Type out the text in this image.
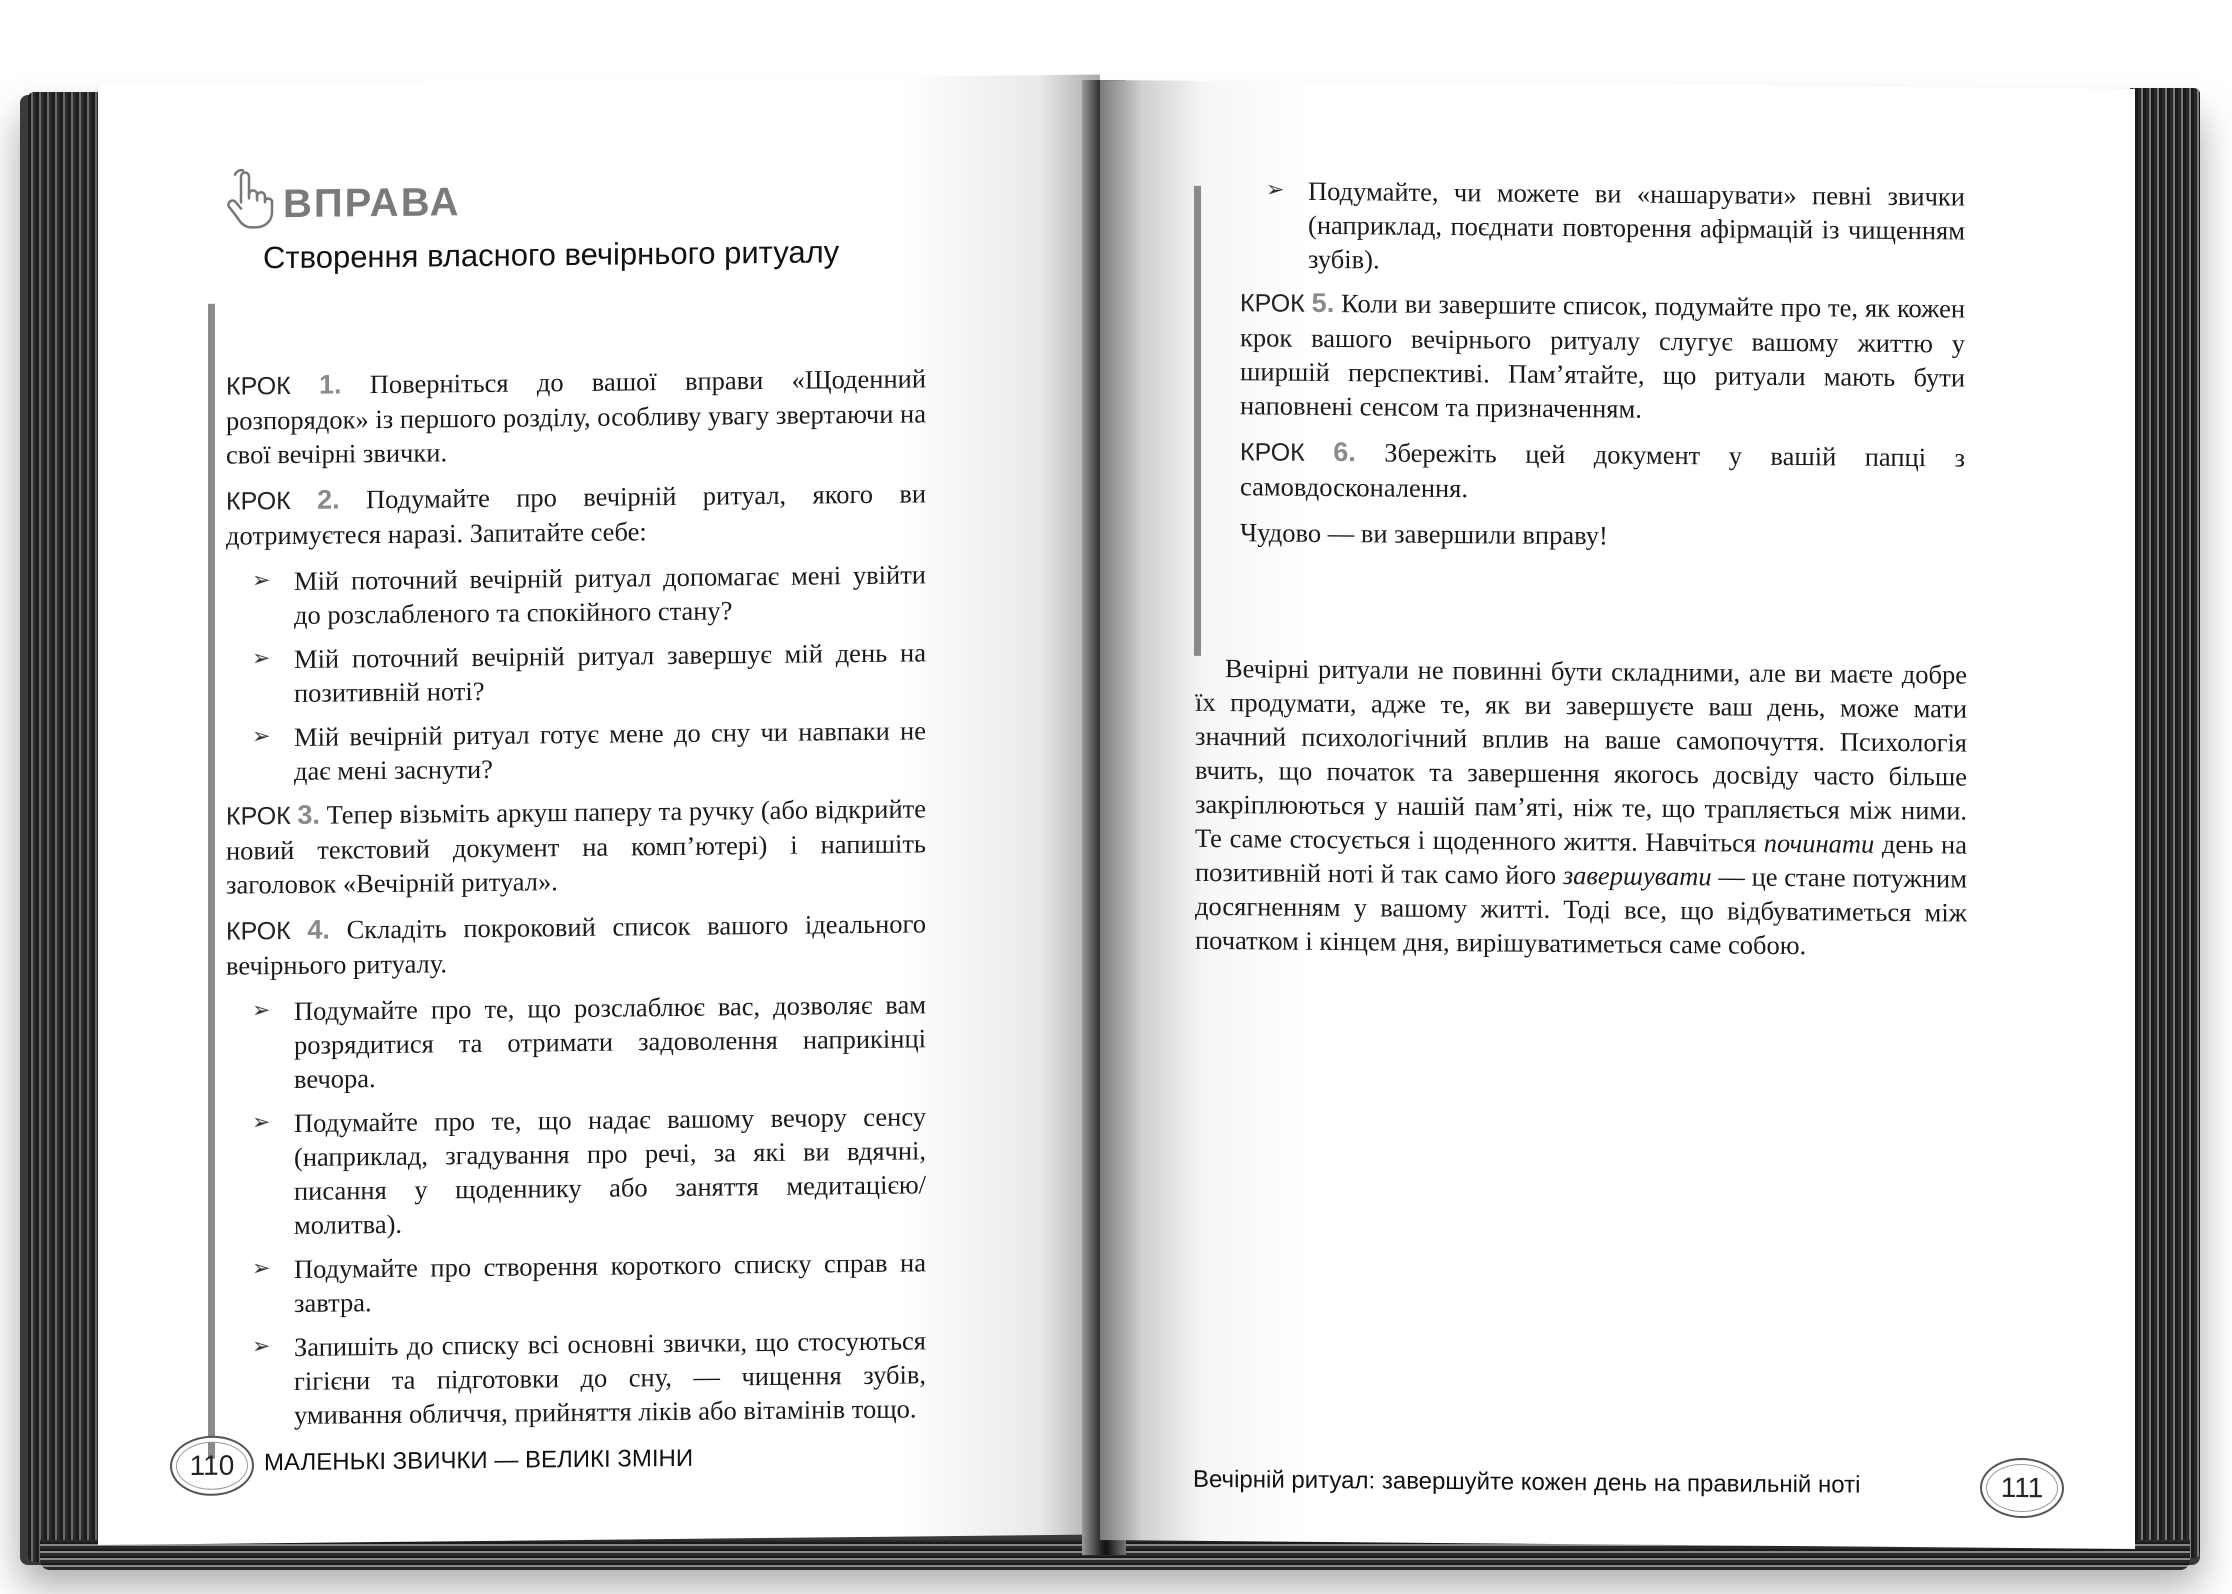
ВПРАВА
Створення власного вечірнього ритуалу

КРОК 1. Поверніться до вашої вправи «Щоденний розпорядок» із першого розділу, особливу увагу звертаючи на свої вечірні звички.

КРОК 2. Подумайте про вечірній ритуал, якого ви дотримуєтеся наразі. Запитайте себе:

➢
Мій поточний вечірній ритуал допомагає мені увійти до розслабленого та спокійного стану?
➢
Мій поточний вечірній ритуал завершує мій день на позитивній ноті?
➢
Мій вечірній ритуал готує мене до сну чи навпаки не дає мені заснути?

КРОК 3. Тепер візьміть аркуш паперу та ручку (або відкрийте новий текстовий документ на комп’ютері) і напишіть заголовок «Вечірній ритуал».

КРОК 4. Складіть покроковий список вашого ідеального вечірнього ритуалу.

➢
Подумайте про те, що розслаблює вас, дозволяє вам розрядитися та отримати задоволення наприкінці вечора.
➢
Подумайте про те, що надає вашому вечору сенсу (наприклад, згадування про речі, за які ви вдячні, писання у щоденнику або заняття медитацією/молитва).
➢
Подумайте про створення короткого списку справ на завтра.
➢
Запишіть до списку всі основні звички, що стосуються гігієни та підготовки до сну, — чищення зубів, умивання обличчя, прийняття ліків або вітамінів тощо.
110	МАЛЕНЬКІ ЗВИЧКИ — ВЕЛИКІ ЗМІНИ
➢
Подумайте, чи можете ви «нашарувати» певні звички (наприклад, поєднати повторення афірмацій із чищенням зубів).

КРОК 5. Коли ви завершите список, подумайте про те, як кожен крок вашого вечірнього ритуалу слугує вашому життю у ширшій перспективі. Пам’ятайте, що ритуали мають бути наповнені сенсом та призначенням.

КРОК 6. Збережіть цей документ у вашій папці з самовдосконалення.

Чудово — ви завершили вправу!

Вечірні ритуали не повинні бути складними, але ви маєте добре їх продумати, адже те, як ви завершуєте ваш день, може мати значний психологічний вплив на ваше самопочуття. Психологія вчить, що початок та завершення якогось досвіду часто більше закріплюються у нашій пам’яті, ніж те, що трапляється між ними. Те саме стосується і щоденного життя. Навчіться починати день на позитивній ноті й так само його завершувати — це стане потужним досягненням у вашому житті. Тоді все, що відбуватиметься між початком і кінцем дня, вирішуватиметься саме собою.
Вечірній ритуал: завершуйте кожен день на правильній ноті	111
